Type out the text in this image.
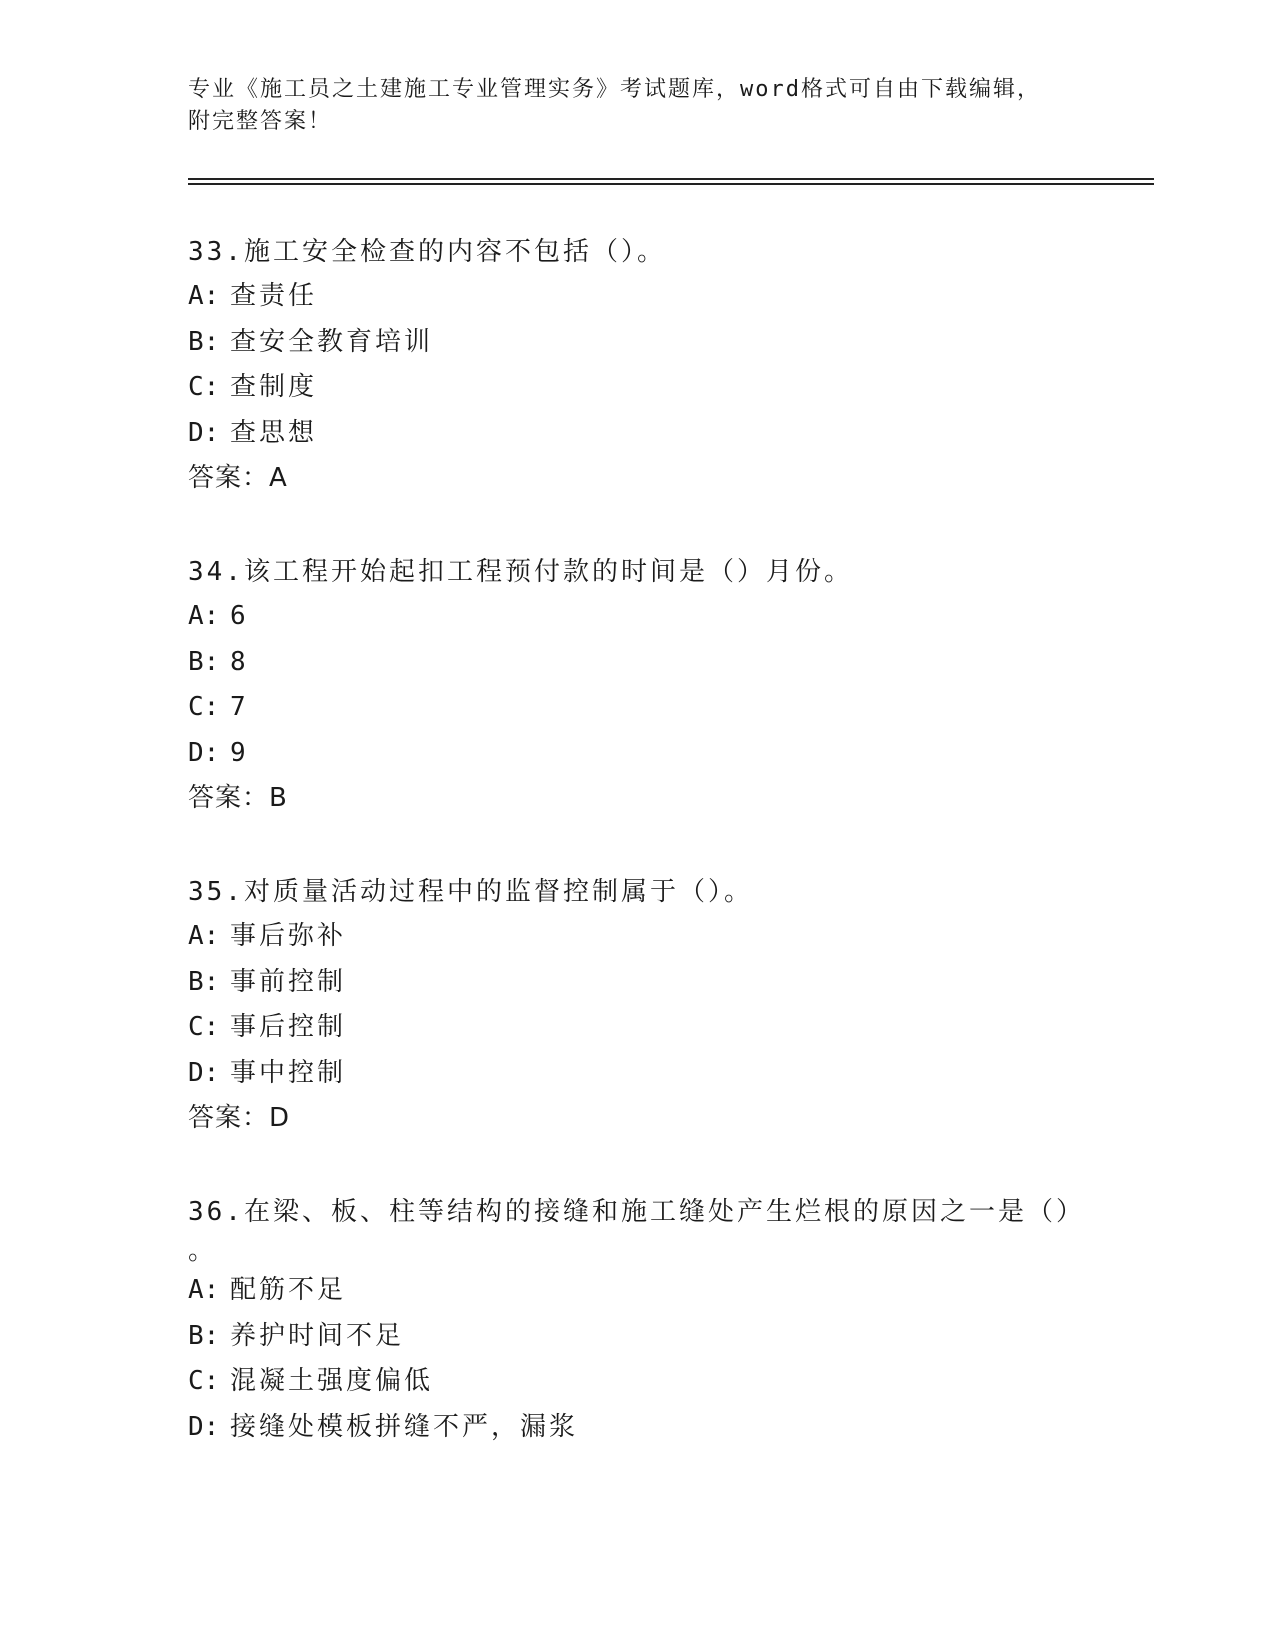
专业《施工员之土建施工专业管理实务》考试题库，word格式可自由下载编辑，
附完整答案！
33.施工安全检查的内容不包括（）。
A: 查责任
B: 查安全教育培训
C: 查制度
D: 查思想
答案：A
34.该工程开始起扣工程预付款的时间是（）月份。
A: 6
B: 8
C: 7
D: 9
答案：B
35.对质量活动过程中的监督控制属于（）。
A: 事后弥补
B: 事前控制
C: 事后控制
D: 事中控制
答案：D
36.在梁、板、柱等结构的接缝和施工缝处产生烂根的原因之一是（）
。
A: 配筋不足
B: 养护时间不足
C: 混凝土强度偏低
D: 接缝处模板拼缝不严，漏浆
